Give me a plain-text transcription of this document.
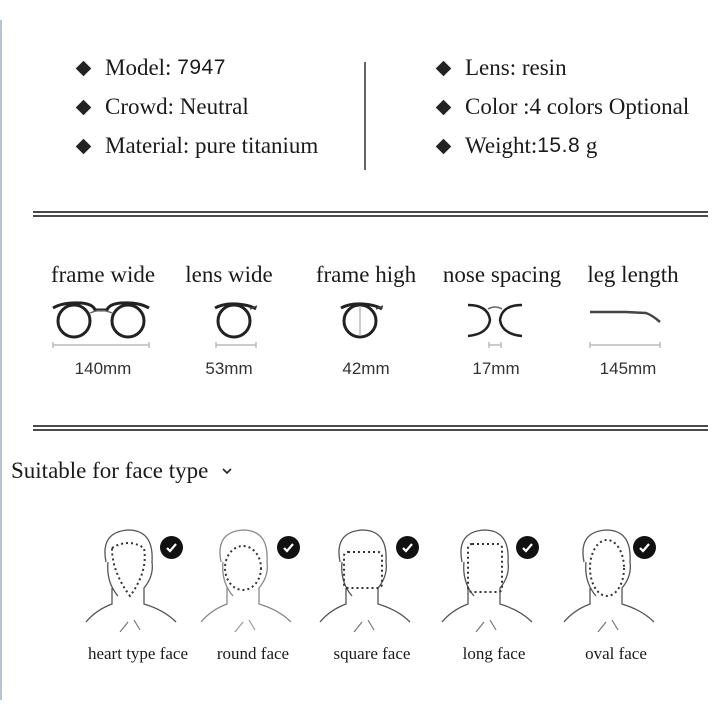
Model:
7947
Crowd:
Neutral
Material:
pure titanium
Lens:
resin
Color : 4 colors Optional
Weight: 15.8
g
frame wide
140mm
lens wide
53mm
frame high
42mm
nose spacing
17mm
leg length
145mm
Suitable for face type
heart type face	round face	square face	long face	oval face
